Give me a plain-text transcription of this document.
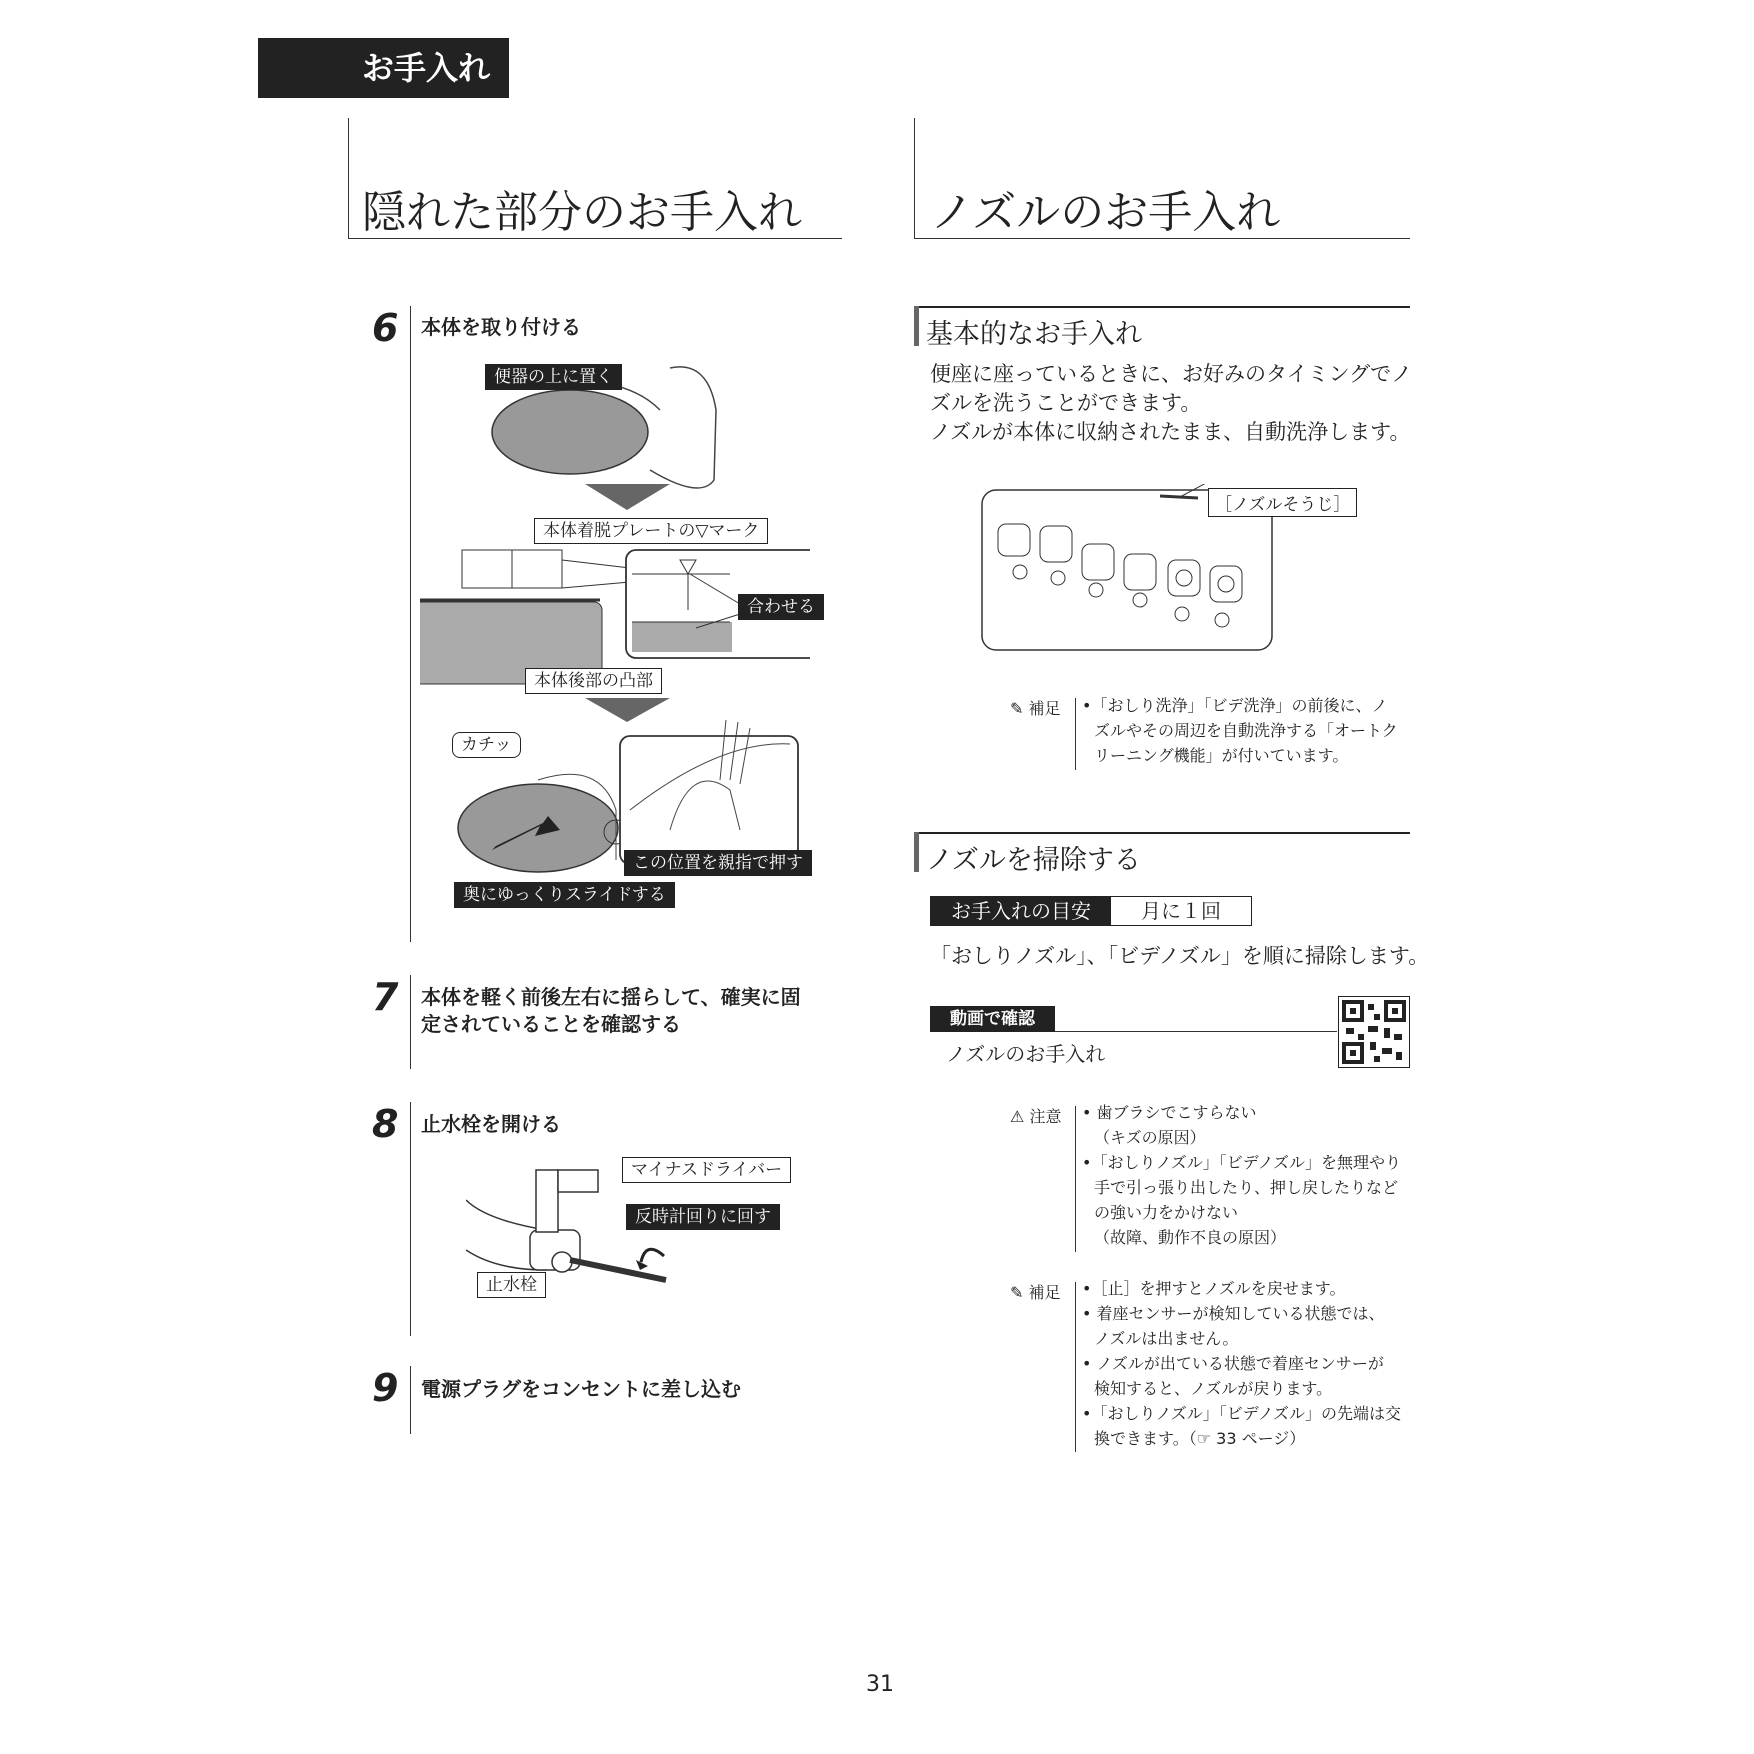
お手入れ
隠れた部分のお手入れ	ノズルのお手入れ
6 本体を取り付ける
便器の上に置く
本体着脱プレートの▽マーク
合わせる
本体後部の凸部
カチッ
この位置を親指で押す
奥にゆっくりスライドする
7 本体を軽く前後左右に揺らして、確実に固
定されていることを確認する
8 止水栓を開ける
マイナスドライバー
反時計回りに回す
止水栓
9 電源プラグをコンセントに差し込む
基本的なお手入れ
便座に座っているときに、お好みのタイミングでノ
ズルを洗うことができます。
ノズルが本体に収納されたまま、自動洗浄します。
［ノズルそうじ］
✎ 補足 •「おしり洗浄」「ビデ洗浄」の前後に、ノ
ズルやその周辺を自動洗浄する「オートク
リーニング機能」が付いています。
ノズルを掃除する
お手入れの目安	月に１回
「おしりノズル」、「ビデノズル」を順に掃除します。
動画で確認
ノズルのお手入れ
⚠ 注意 • 歯ブラシでこすらない
（キズの原因）
•「おしりノズル」「ビデノズル」を無理やり
手で引っ張り出したり、押し戻したりなど
の強い力をかけない
（故障、動作不良の原因）
✎ 補足 •［止］を押すとノズルを戻せます。
• 着座センサーが検知している状態では、
ノズルは出ません。
• ノズルが出ている状態で着座センサーが
検知すると、ノズルが戻ります。
•「おしりノズル」「ビデノズル」の先端は交
換できます。（☞ 33 ページ）
31
